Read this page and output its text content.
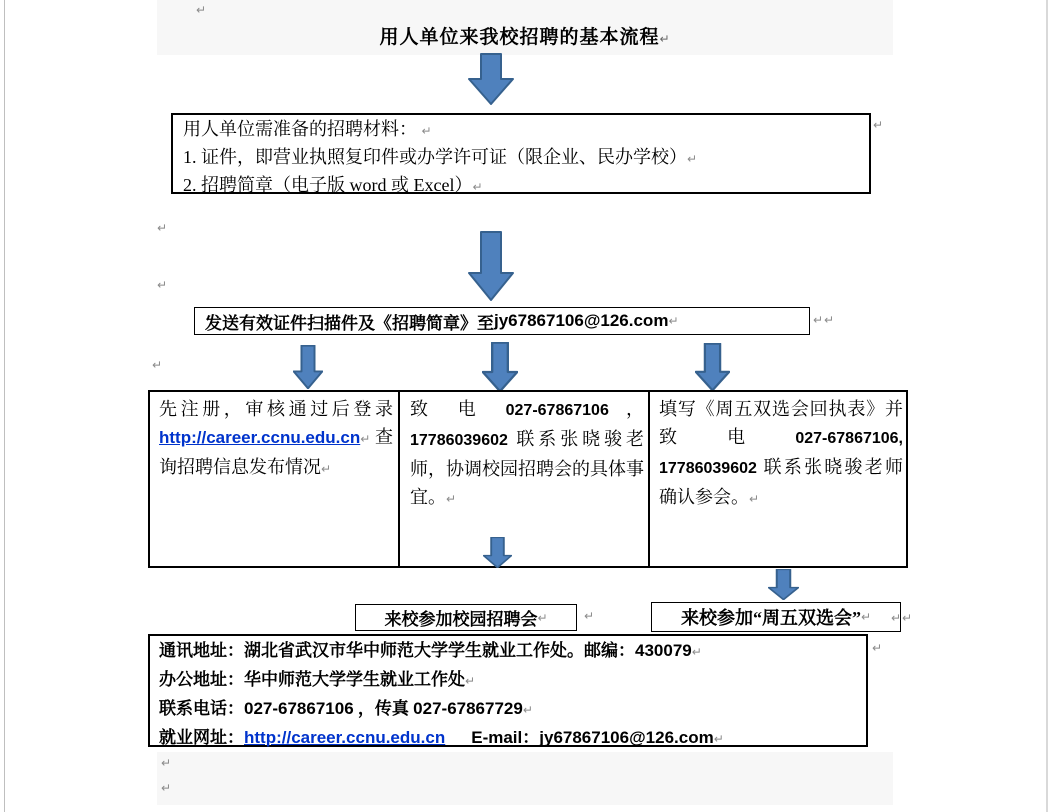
↵
用人单位来我校招聘的基本流程↵
用人单位需准备的招聘材料： ↵
1. 证件，即营业执照复印件或办学许可证（限企业、民办学校）↵
2. 招聘简章（电子版 word 或 Excel）↵
↵
↵
↵
发送有效证件扫描件及《招聘简章》至 jy67867106@126.com ↵	↵ ↵
↵
先注册，审核通过后登录 http://career.ccnu.edu.cn↵ 查询招聘信息发布情况↵
致 电 027-67867106 ，17786039602 联系张晓骏老师，协调校园招聘会的具体事宜。↵
填写《周五双选会回执表》并 致 电 027-67867106, 17786039602 联系张晓骏老师确认参会。↵
来校参加校园招聘会 ↵	↵	来校参加“周五双选会” ↵ ↵ ↵
通讯地址：湖北省武汉市华中师范大学学生就业工作处。邮编：430079↵
办公地址：华中师范大学学生就业工作处↵
联系电话：027-67867106 ，传真 027-67867729↵
就业网址：http://career.ccnu.edu.cn E-mail：jy67867106@126.com↵
↵
↵
↵
